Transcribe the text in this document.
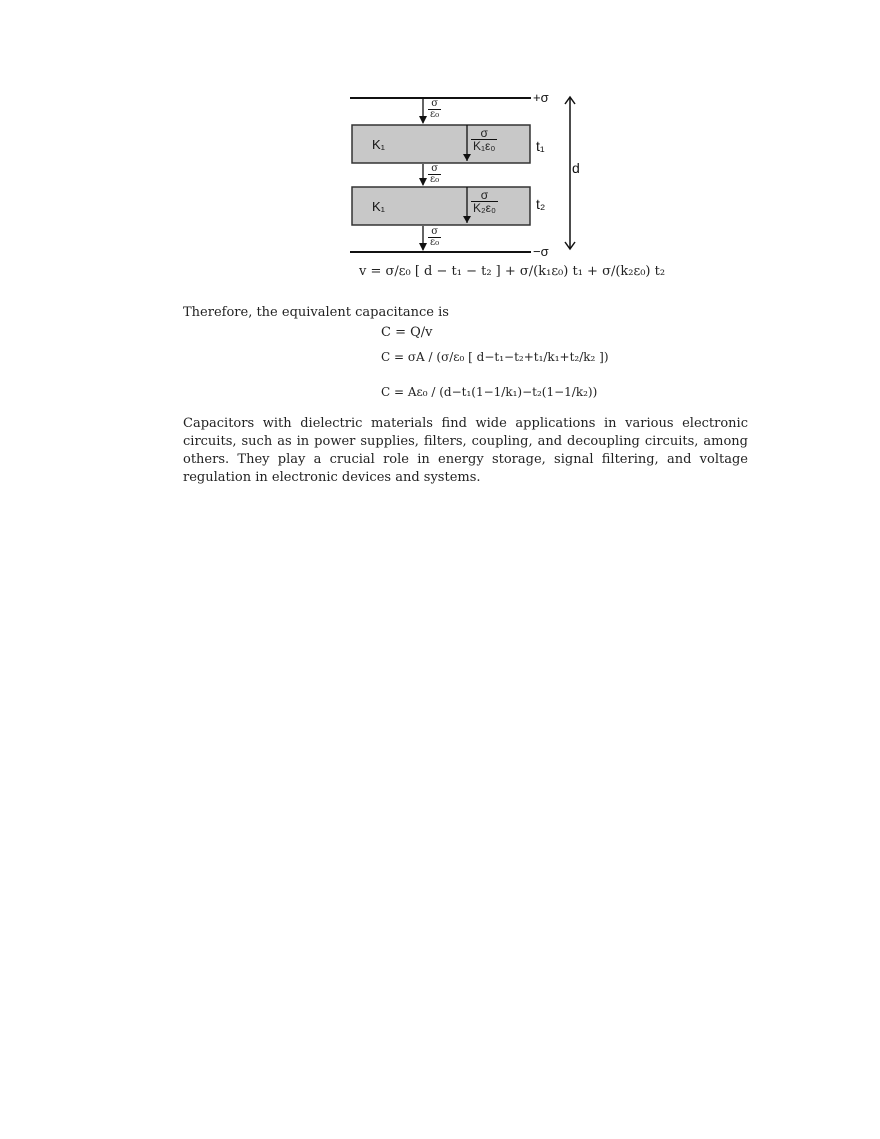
+σ
−σ
d
$\frac{\sigma}{\text{ε₀}}$
$\frac{\sigma}{\text{ε₀}}$
$\frac{\sigma}{\text{ε₀}}$
K₁	$\frac{\sigma}{\text{K₁ε₀}}$	t₁
K₁	$\frac{\sigma}{\text{K₂ε₀}}$	t₂
v = σ/ε₀ [ d − t₁ − t₂ ] + σ/(k₁ε₀) t₁ + σ/(k₂ε₀) t₂
Therefore, the equivalent capacitance is
C = Q/v
C = σA / (σ/ε₀ [ d−t₁−t₂+t₁/k₁+t₂/k₂ ])
C = Aε₀ / (d−t₁(1−1/k₁)−t₂(1−1/k₂))
Capacitors with dielectric materials find wide applications in various electronic circuits, such as in power supplies, filters, coupling, and decoupling circuits, among others. They play a crucial role in energy storage, signal filtering, and voltage regulation in electronic devices and systems.
